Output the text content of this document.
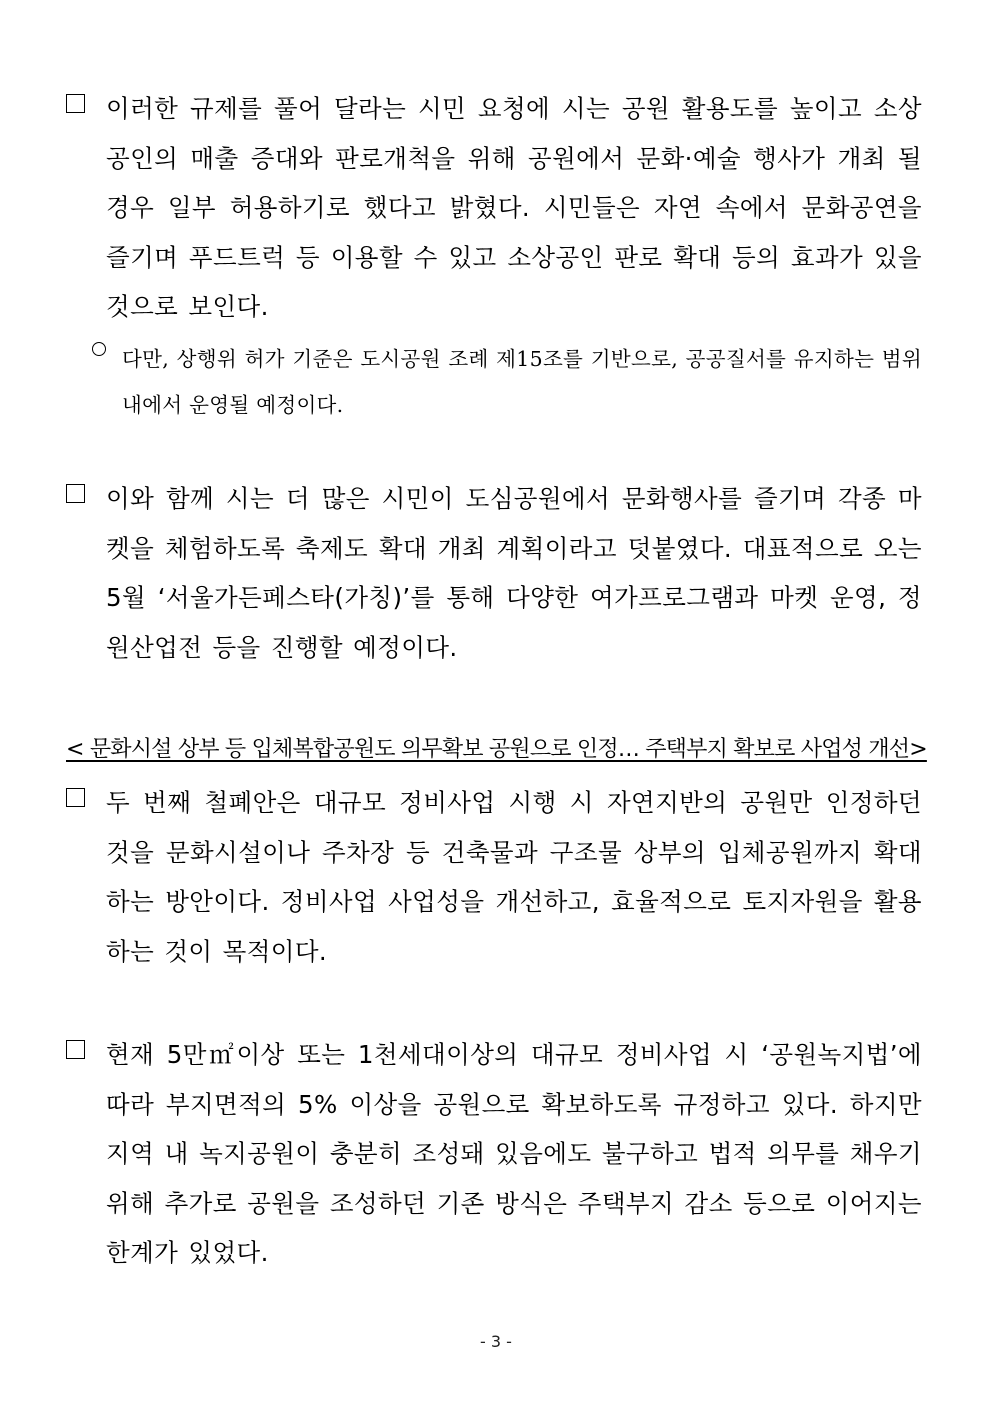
이러한 규제를 풀어 달라는 시민 요청에 시는 공원 활용도를 높이고 소상공인의 매출 증대와 판로개척을 위해 공원에서 문화·예술 행사가 개최 될 경우 일부 허용하기로 했다고 밝혔다. 시민들은 자연 속에서 문화공연을 즐기며 푸드트럭 등 이용할 수 있고 소상공인 판로 확대 등의 효과가 있을 것으로 보인다.
다만, 상행위 허가 기준은 도시공원 조례 제15조를 기반으로, 공공질서를 유지하는 범위 내에서 운영될 예정이다.
이와 함께 시는 더 많은 시민이 도심공원에서 문화행사를 즐기며 각종 마켓을 체험하도록 축제도 확대 개최 계획이라고 덧붙였다. 대표적으로 오는 5월 ‘서울가든페스타(가칭)’를 통해 다양한 여가프로그램과 마켓 운영, 정원산업전 등을 진행할 예정이다.
< 문화시설 상부 등 입체복합공원도 의무확보 공원으로 인정… 주택부지 확보로 사업성 개선>
두 번째 철폐안은 대규모 정비사업 시행 시 자연지반의 공원만 인정하던 것을 문화시설이나 주차장 등 건축물과 구조물 상부의 입체공원까지 확대하는 방안이다. 정비사업 사업성을 개선하고, 효율적으로 토지자원을 활용하는 것이 목적이다.
현재 5만㎡이상 또는 1천세대이상의 대규모 정비사업 시 ‘공원녹지법’에 따라 부지면적의 5% 이상을 공원으로 확보하도록 규정하고 있다. 하지만 지역 내 녹지공원이 충분히 조성돼 있음에도 불구하고 법적 의무를 채우기 위해 추가로 공원을 조성하던 기존 방식은 주택부지 감소 등으로 이어지는 한계가 있었다.
- 3 -
